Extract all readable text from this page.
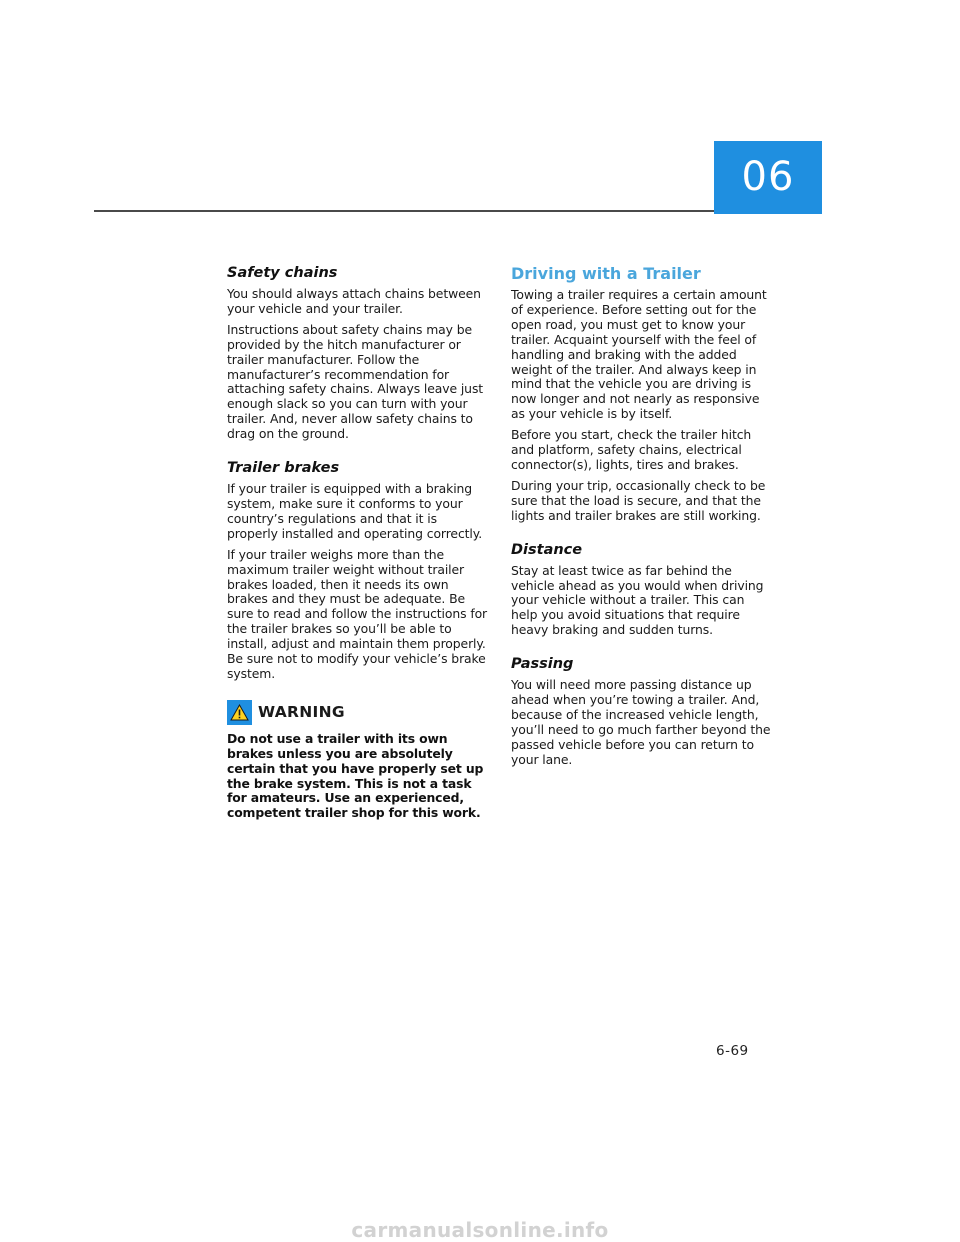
06
Safety chains

You should always attach chains between your vehicle and your trailer.

Instructions about safety chains may be provided by the hitch manufacturer or trailer manufacturer. Follow the manufacturer’s recommendation for attaching safety chains. Always leave just enough slack so you can turn with your trailer. And, never allow safety chains to drag on the ground.

Trailer brakes

If your trailer is equipped with a braking system, make sure it conforms to your country’s regulations and that it is properly installed and operating correctly.

If your trailer weighs more than the maximum trailer weight without trailer brakes loaded, then it needs its own brakes and they must be adequate. Be sure to read and follow the instructions for the trailer brakes so you’ll be able to install, adjust and maintain them properly. Be sure not to modify your vehicle’s brake system.

WARNING

Do not use a trailer with its own brakes unless you are absolutely certain that you have properly set up the brake system. This is not a task for amateurs. Use an experienced, competent trailer shop for this work.

Driving with a Trailer

Towing a trailer requires a certain amount of experience. Before setting out for the open road, you must get to know your trailer. Acquaint yourself with the feel of handling and braking with the added weight of the trailer. And always keep in mind that the vehicle you are driving is now longer and not nearly as responsive as your vehicle is by itself.

Before you start, check the trailer hitch and platform, safety chains, electrical connector(s), lights, tires and brakes.

During your trip, occasionally check to be sure that the load is secure, and that the lights and trailer brakes are still working.

Distance

Stay at least twice as far behind the vehicle ahead as you would when driving your vehicle without a trailer. This can help you avoid situations that require heavy braking and sudden turns.

Passing

You will need more passing distance up ahead when you’re towing a trailer. And, because of the increased vehicle length, you’ll need to go much farther beyond the passed vehicle before you can return to your lane.

6-69
carmanualsonline.info
